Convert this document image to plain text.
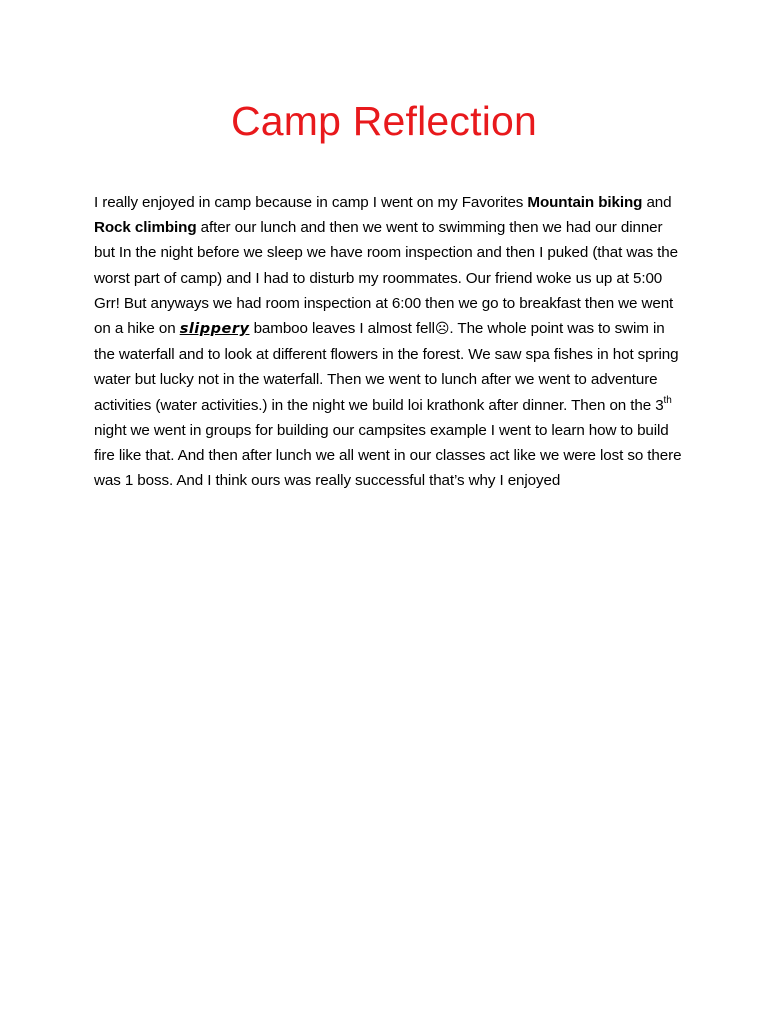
Camp Reflection
I really enjoyed in camp because in camp I went on my Favorites Mountain biking and Rock climbing after our lunch and then we went to swimming then we had our dinner but In the night before we sleep we have room inspection and then I puked (that was the worst part of camp) and I had to disturb my roommates. Our friend woke us up at 5:00 Grr! But anyways we had room inspection at 6:00 then we go to breakfast then we went on a hike on slippery bamboo leaves I almost fell☹. The whole point was to swim in the waterfall and to look at different flowers in the forest. We saw spa fishes in hot spring water but lucky not in the waterfall. Then we went to lunch after we went to adventure activities (water activities.) in the night we build loi krathonk after dinner. Then on the 3th night we went in groups for building our campsites example I went to learn how to build fire like that. And then after lunch we all went in our classes act like we were lost so there was 1 boss. And I think ours was really successful that’s why I enjoyed
